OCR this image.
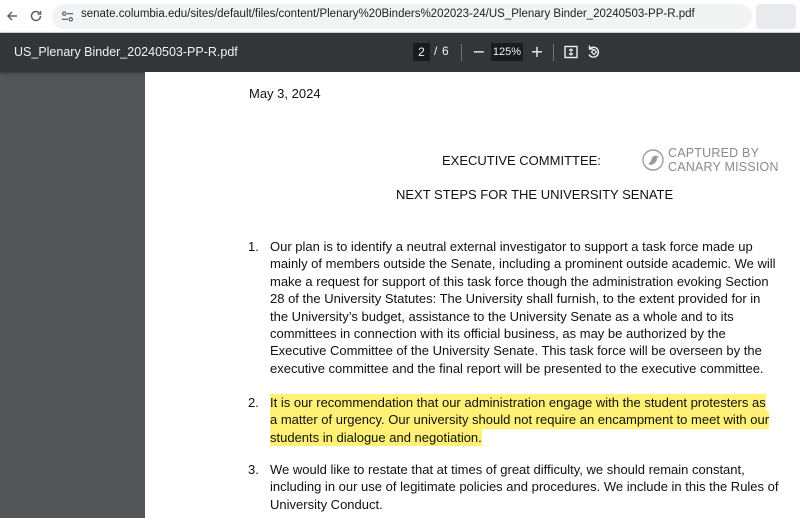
senate.columbia.edu/sites/default/files/content/Plenary%20Binders%202023-24/US_Plenary Binder_20240503-PP-R.pdf
US_Plenary Binder_20240503-PP-R.pdf	2 / 6 − 125% +
May 3, 2024
EXECUTIVE COMMITTEE:
NEXT STEPS FOR THE UNIVERSITY SENATE
CAPTURED BY
CANARY MISSION
1. Our plan is to identify a neutral external investigator to support a task force made up
mainly of members outside the Senate, including a prominent outside academic. We will
make a request for support of this task force though the administration evoking Section
28 of the University Statutes: The University shall furnish, to the extent provided for in
the University’s budget, assistance to the University Senate as a whole and to its
committees in connection with its official business, as may be authorized by the
Executive Committee of the University Senate. This task force will be overseen by the
executive committee and the final report will be presented to the executive committee.
2. It is our recommendation that our administration engage with the student protesters as
a matter of urgency. Our university should not require an encampment to meet with our
students in dialogue and negotiation.
3. We would like to restate that at times of great difficulty, we should remain constant,
including in our use of legitimate policies and procedures. We include in this the Rules of
University Conduct.
